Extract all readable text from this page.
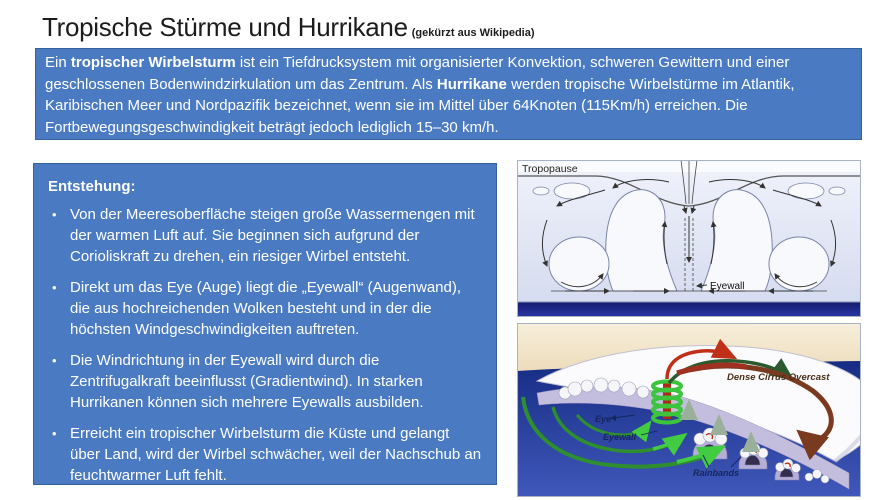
Tropische Stürme und Hurrikane (gekürzt aus Wikipedia)
Ein tropischer Wirbelsturm ist ein Tiefdrucksystem mit organisierter Konvektion, schweren Gewittern und einer geschlossenen Bodenwindzirkulation um das Zentrum. Als Hurrikane werden tropische Wirbelstürme im Atlantik, Karibischen Meer und Nordpazifik bezeichnet, wenn sie im Mittel über 64Knoten (115Km/h) erreichen. Die Fortbewegungsgeschwindigkeit beträgt jedoch lediglich 15–30 km/h.

Entstehung:

• Von der Meeresoberfläche steigen große Wassermengen mit der warmen Luft auf. Sie beginnen sich aufgrund der Corioliskraft zu drehen, ein riesiger Wirbel entsteht.
• Direkt um das Eye (Auge) liegt die „Eyewall“ (Augenwand), die aus hochreichenden Wolken besteht und in der die höchsten Windgeschwindigkeiten auftreten.
• Die Windrichtung in der Eyewall wird durch die Zentrifugalkraft beeinflusst (Gradientwind). In starken Hurrikanen können sich mehrere Eyewalls ausbilden.
• Erreicht ein tropischer Wirbelsturm die Küste und gelangt über Land, wird der Wirbel schwächer, weil der Nachschub an feuchtwarmer Luft fehlt.
Tropopause
Eyewall
Eye
Eyewall
Rainbands
Dense Cirrus Overcast
